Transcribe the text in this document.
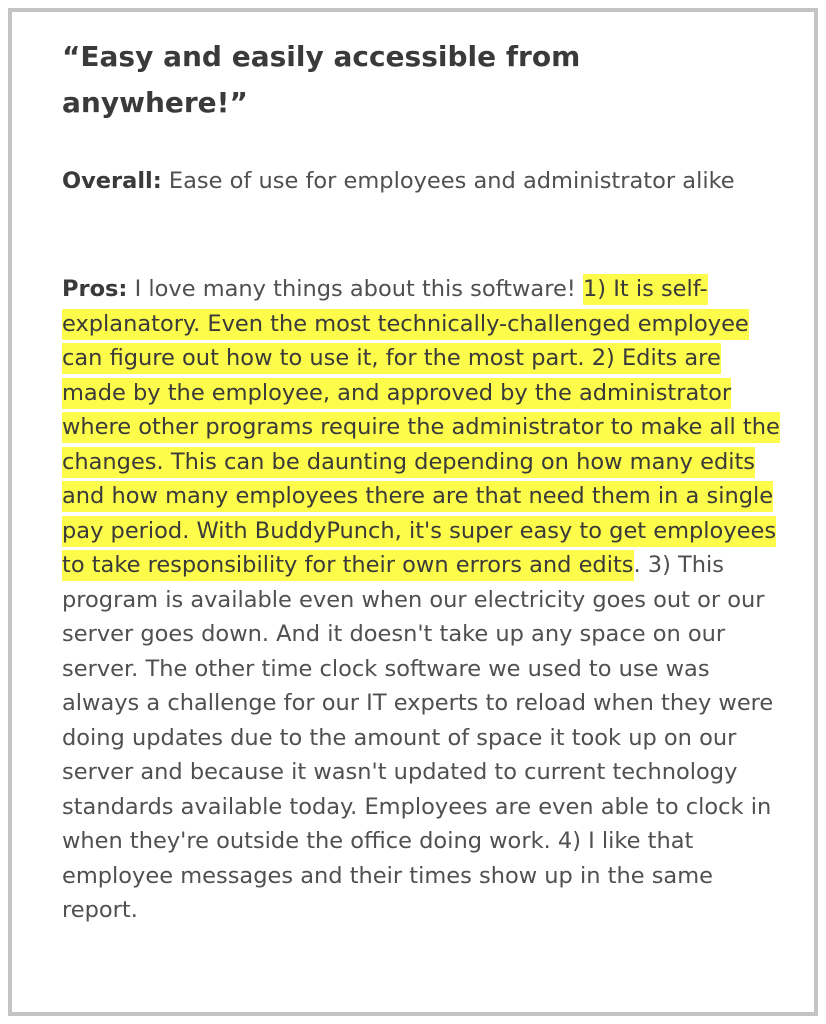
“Easy and easily accessible from anywhere!”

Overall: Ease of use for employees and administrator alike

Pros: I love many things about this software! 1) It is self-explanatory. Even the most technically-challenged employee can figure out how to use it, for the most part. 2) Edits are made by the employee, and approved by the administrator where other programs require the administrator to make all the changes. This can be daunting depending on how many edits and how many employees there are that need them in a single pay period. With BuddyPunch, it's super easy to get employees to take responsibility for their own errors and edits. 3) This program is available even when our electricity goes out or our server goes down. And it doesn't take up any space on our server. The other time clock software we used to use was always a challenge for our IT experts to reload when they were doing updates due to the amount of space it took up on our server and because it wasn't updated to current technology standards available today. Employees are even able to clock in when they're outside the office doing work. 4) I like that employee messages and their times show up in the same report.
